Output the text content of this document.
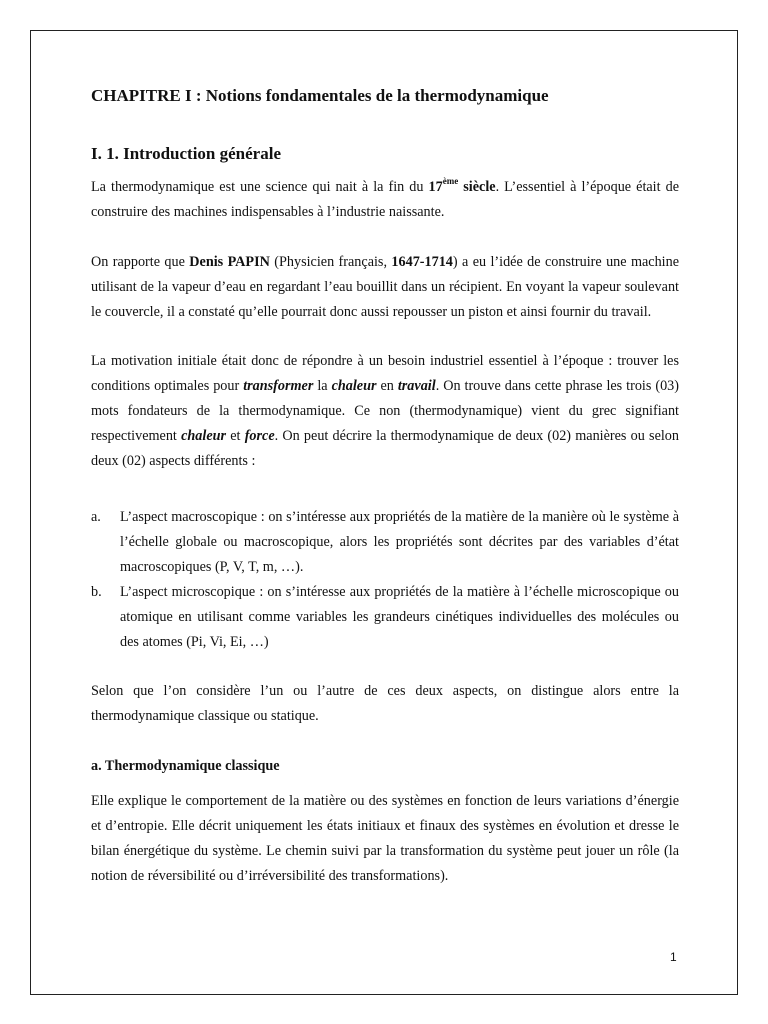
CHAPITRE I : Notions fondamentales de la thermodynamique
I. 1. Introduction générale
La thermodynamique est une science qui nait à la fin du 17ème siècle. L’essentiel à l’époque était de construire des machines indispensables à l’industrie naissante.
On rapporte que Denis PAPIN (Physicien français, 1647-1714) a eu l’idée de construire une machine utilisant de la vapeur d’eau en regardant l’eau bouillit dans un récipient. En voyant la vapeur soulevant le couvercle, il a constaté qu’elle pourrait donc aussi repousser un piston et ainsi fournir du travail.
La motivation initiale était donc de répondre à un besoin industriel essentiel à l’époque : trouver les conditions optimales pour transformer la chaleur en travail. On trouve dans cette phrase les trois (03) mots fondateurs de la thermodynamique. Ce non (thermodynamique) vient du grec signifiant respectivement chaleur et force. On peut décrire la thermodynamique de deux (02) manières ou selon deux (02) aspects différents :
a. L’aspect macroscopique : on s’intéresse aux propriétés de la matière de la manière où le système à l’échelle globale ou macroscopique, alors les propriétés sont décrites par des variables d’état macroscopiques (P, V, T, m, …).
b. L’aspect microscopique : on s’intéresse aux propriétés de la matière à l’échelle microscopique ou atomique en utilisant comme variables les grandeurs cinétiques individuelles des molécules ou des atomes (Pi, Vi, Ei, …)
Selon que l’on considère l’un ou l’autre de ces deux aspects, on distingue alors entre la thermodynamique classique ou statique.
a. Thermodynamique classique
Elle explique le comportement de la matière ou des systèmes en fonction de leurs variations d’énergie et d’entropie. Elle décrit uniquement les états initiaux et finaux des systèmes en évolution et dresse le bilan énergétique du système. Le chemin suivi par la transformation du système peut jouer un rôle (la notion de réversibilité ou d’irréversibilité des transformations).
1
